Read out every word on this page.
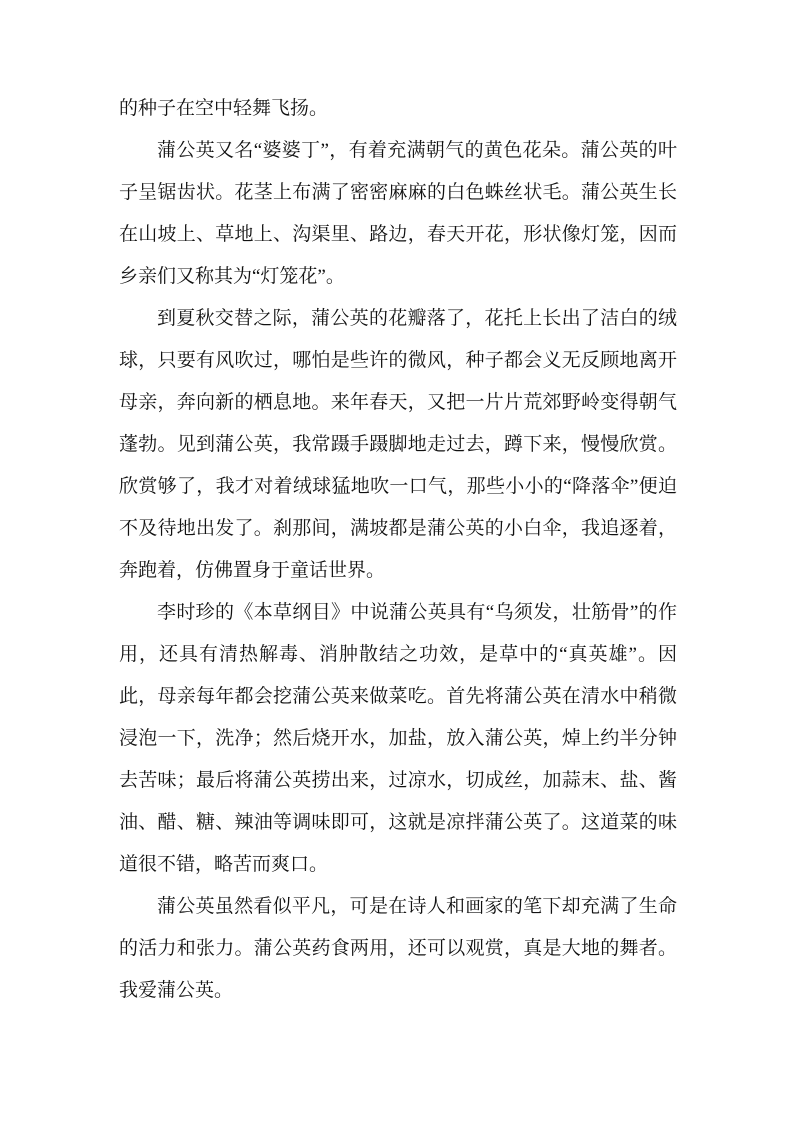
的种子在空中轻舞飞扬。

蒲公英又名“婆婆丁”，有着充满朝气的黄色花朵。蒲公英的叶子呈锯齿状。花茎上布满了密密麻麻的白色蛛丝状毛。蒲公英生长在山坡上、草地上、沟渠里、路边，春天开花，形状像灯笼，因而乡亲们又称其为“灯笼花”。

到夏秋交替之际，蒲公英的花瓣落了，花托上长出了洁白的绒球，只要有风吹过，哪怕是些许的微风，种子都会义无反顾地离开母亲，奔向新的栖息地。来年春天，又把一片片荒郊野岭变得朝气蓬勃。见到蒲公英，我常蹑手蹑脚地走过去，蹲下来，慢慢欣赏。欣赏够了，我才对着绒球猛地吹一口气，那些小小的“降落伞”便迫不及待地出发了。刹那间，满坡都是蒲公英的小白伞，我追逐着，奔跑着，仿佛置身于童话世界。

李时珍的《本草纲目》中说蒲公英具有“乌须发，壮筋骨”的作用，还具有清热解毒、消肿散结之功效，是草中的“真英雄”。因此，母亲每年都会挖蒲公英来做菜吃。首先将蒲公英在清水中稍微浸泡一下，洗净；然后烧开水，加盐，放入蒲公英，焯上约半分钟去苦味；最后将蒲公英捞出来，过凉水，切成丝，加蒜末、盐、酱油、醋、糖、辣油等调味即可，这就是凉拌蒲公英了。这道菜的味道很不错，略苦而爽口。

蒲公英虽然看似平凡，可是在诗人和画家的笔下却充满了生命的活力和张力。蒲公英药食两用，还可以观赏，真是大地的舞者。我爱蒲公英。
